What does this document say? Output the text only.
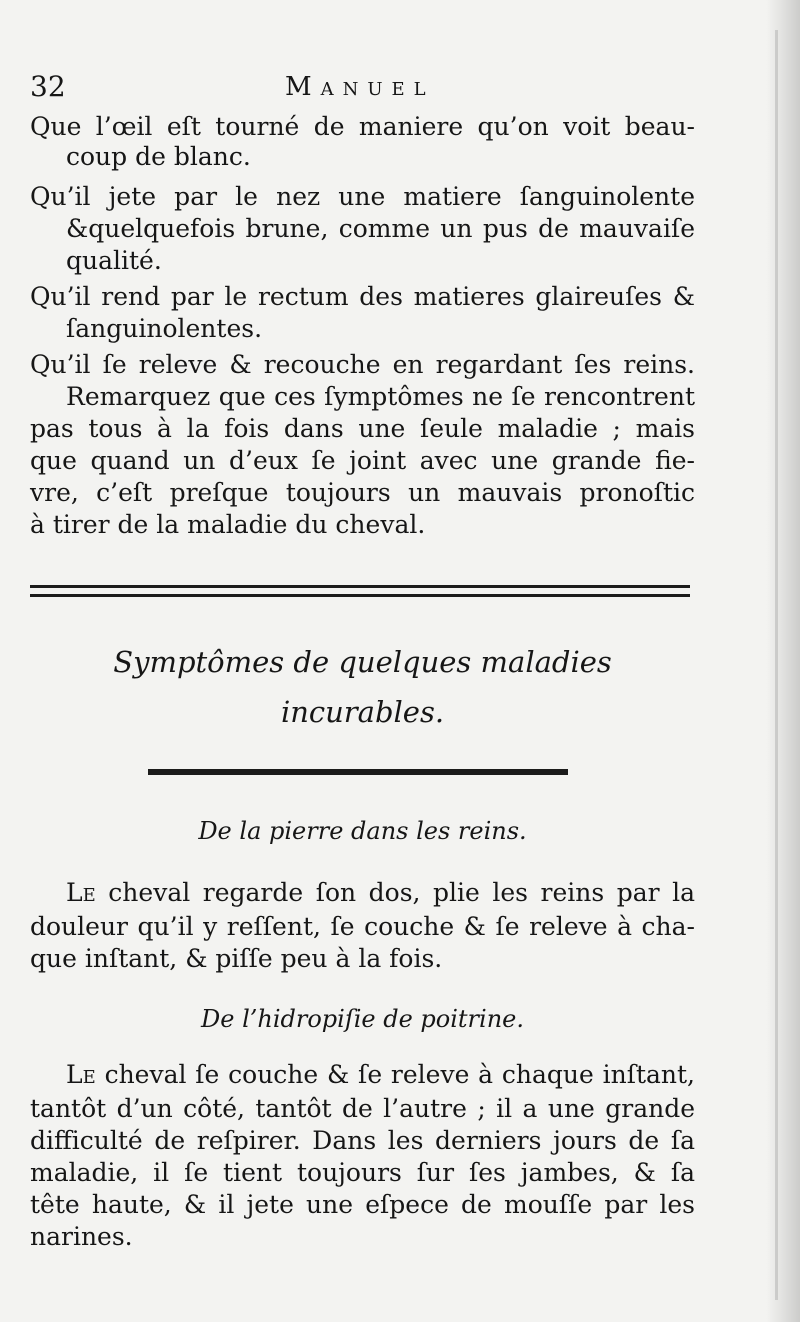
32	Manuel
Que l’œil eſt tourné de maniere qu’on voit beau-
coup de blanc.
Qu’il jete par le nez une matiere ſanguinolente
&quelquefois brune, comme un pus de mauvaiſe
qualité.
Qu’il rend par le rectum des matieres glaireuſes &
ſanguinolentes.
Qu’il ſe releve & recouche en regardant ſes reins.
Remarquez que ces ſymptômes ne ſe rencontrent
pas tous à la fois dans une ſeule maladie ; mais
que quand un d’eux ſe joint avec une grande fie-
vre, c’eſt preſque toujours un mauvais pronoſtic
à tirer de la maladie du cheval.
Symptômes de quelques maladies
incurables.
De la pierre dans les reins.
Le cheval regarde ſon dos, plie les reins par la
douleur qu’il y reſſent, ſe couche & ſe releve à cha-
que inſtant, & piſſe peu à la fois.
De l’hidropiſie de poitrine.
Le cheval ſe couche & ſe releve à chaque inſtant,
tantôt d’un côté, tantôt de l’autre ; il a une grande
difficulté de reſpirer. Dans les derniers jours de ſa
maladie, il ſe tient toujours ſur ſes jambes, & ſa
tête haute, & il jete une eſpece de mouſſe par les
narines.
